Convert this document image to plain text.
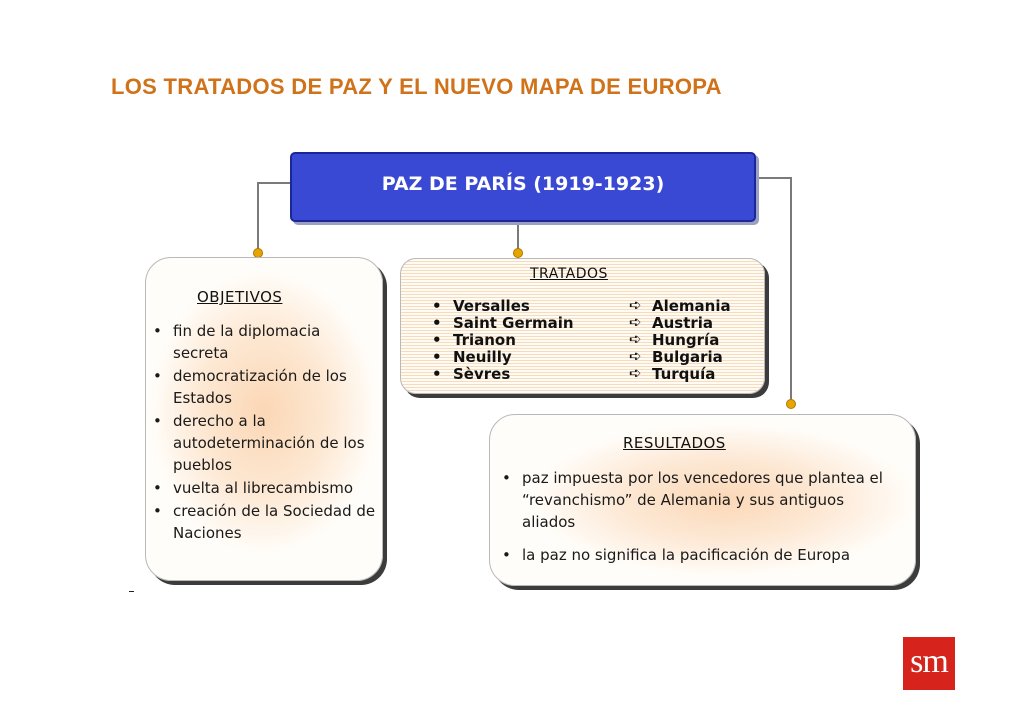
LOS TRATADOS DE PAZ Y EL NUEVO MAPA DE EUROPA
PAZ DE PARÍS (1919-1923)
OBJETIVOS
• fin de la diplomacia secreta
• democratización de los Estados
• derecho a la autodeterminación de los pueblos
• vuelta al librecambismo
• creación de la Sociedad de Naciones
TRATADOS
• Versalles	➪ Alemania
• Saint Germain	➪ Austria
• Trianon	➪ Hungría
• Neuilly	➪ Bulgaria
• Sèvres	➪ Turquía
RESULTADOS
• paz impuesta por los vencedores que plantea el “revanchismo” de Alemania y sus antiguos aliados
• la paz no significa la pacificación de Europa
sm
